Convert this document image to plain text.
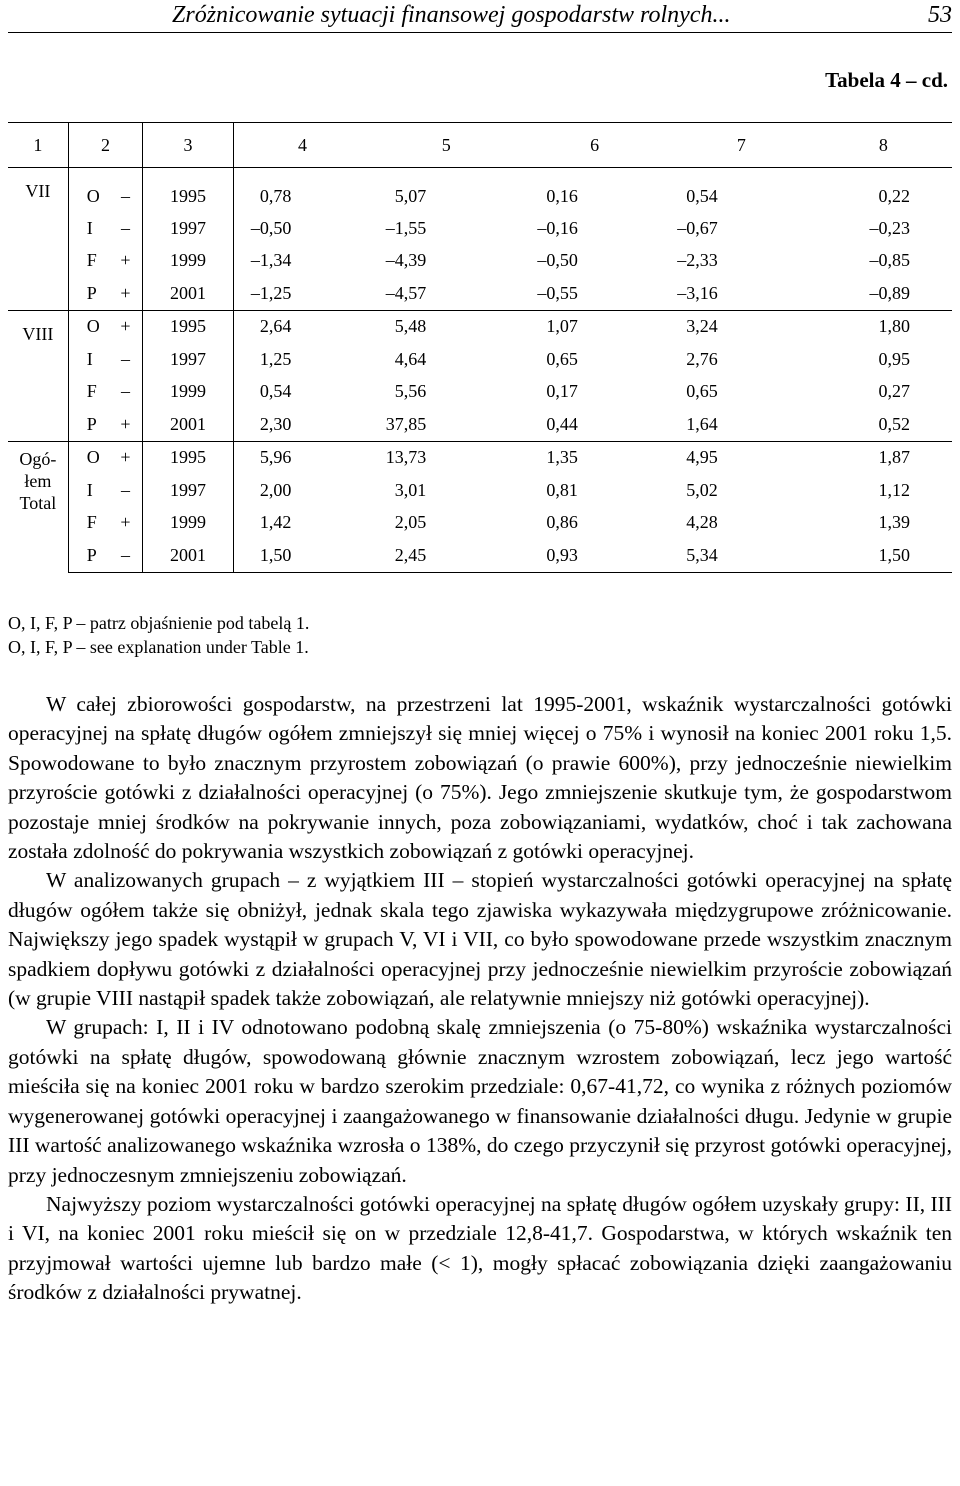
Zróżnicowanie sytuacji finansowej gospodarstw rolnych...	53
Tabela 4 – cd.
1	2		3	4	5	6	7	8
VII	O	–	1995	0,78	5,07	0,16	0,54	0,22
	I	–	1997	–0,50	–1,55	–0,16	–0,67	–0,23
	F	+	1999	–1,34	–4,39	–0,50	–2,33	–0,85
	P	+	2001	–1,25	–4,57	–0,55	–3,16	–0,89
VIII	O	+	1995	2,64	5,48	1,07	3,24	1,80
	I	–	1997	1,25	4,64	0,65	2,76	0,95
	F	–	1999	0,54	5,56	0,17	0,65	0,27
	P	+	2001	2,30	37,85	0,44	1,64	0,52

Ogó-
łem
Total	O	+	1995	5,96	13,73	1,35	4,95	1,87
	I	–	1997	2,00	3,01	0,81	5,02	1,12
	F	+	1999	1,42	2,05	0,86	4,28	1,39
	P	–	2001	1,50	2,45	0,93	5,34	1,50
O, I, F, P – patrz objaśnienie pod tabelą 1.
O, I, F, P – see explanation under Table 1.

W całej zbiorowości gospodarstw, na przestrzeni lat 1995-2001, wskaźnik wystarczalności gotówki operacyjnej na spłatę długów ogółem zmniejszył się mniej więcej o 75% i wynosił na koniec 2001 roku 1,5. Spowodowane to było znacznym przyrostem zobowiązań (o prawie 600%), przy jednocześnie niewielkim przyroście gotówki z działalności operacyjnej (o 75%). Jego zmniejszenie skutkuje tym, że gospodarstwom pozostaje mniej środków na pokrywanie innych, poza zobowiązaniami, wydatków, choć i tak zachowana została zdolność do pokrywania wszystkich zobowiązań z gotówki operacyjnej.

W analizowanych grupach – z wyjątkiem III – stopień wystarczalności gotówki operacyjnej na spłatę długów ogółem także się obniżył, jednak skala tego zjawiska wykazywała międzygrupowe zróżnicowanie. Największy jego spadek wystąpił w grupach V, VI i VII, co było spowodowane przede wszystkim znacznym spadkiem dopływu gotówki z działalności operacyjnej przy jednocześnie niewielkim przyroście zobowiązań (w grupie VIII nastąpił spadek także zobowiązań, ale relatywnie mniejszy niż gotówki operacyjnej).

W grupach: I, II i IV odnotowano podobną skalę zmniejszenia (o 75-80%) wskaźnika wystarczalności gotówki na spłatę długów, spowodowaną głównie znacznym wzrostem zobowiązań, lecz jego wartość mieściła się na koniec 2001 roku w bardzo szerokim przedziale: 0,67-41,72, co wynika z różnych poziomów wygenerowanej gotówki operacyjnej i zaangażowanego w finansowanie działalności długu. Jedynie w grupie III wartość analizowanego wskaźnika wzrosła o 138%, do czego przyczynił się przyrost gotówki operacyjnej, przy jednoczesnym zmniejszeniu zobowiązań.

Najwyższy poziom wystarczalności gotówki operacyjnej na spłatę długów ogółem uzyskały grupy: II, III i VI, na koniec 2001 roku mieścił się on w przedziale 12,8-41,7. Gospodarstwa, w których wskaźnik ten przyjmował wartości ujemne lub bardzo małe (< 1), mogły spłacać zobowiązania dzięki zaangażowaniu środków z działalności prywatnej.
